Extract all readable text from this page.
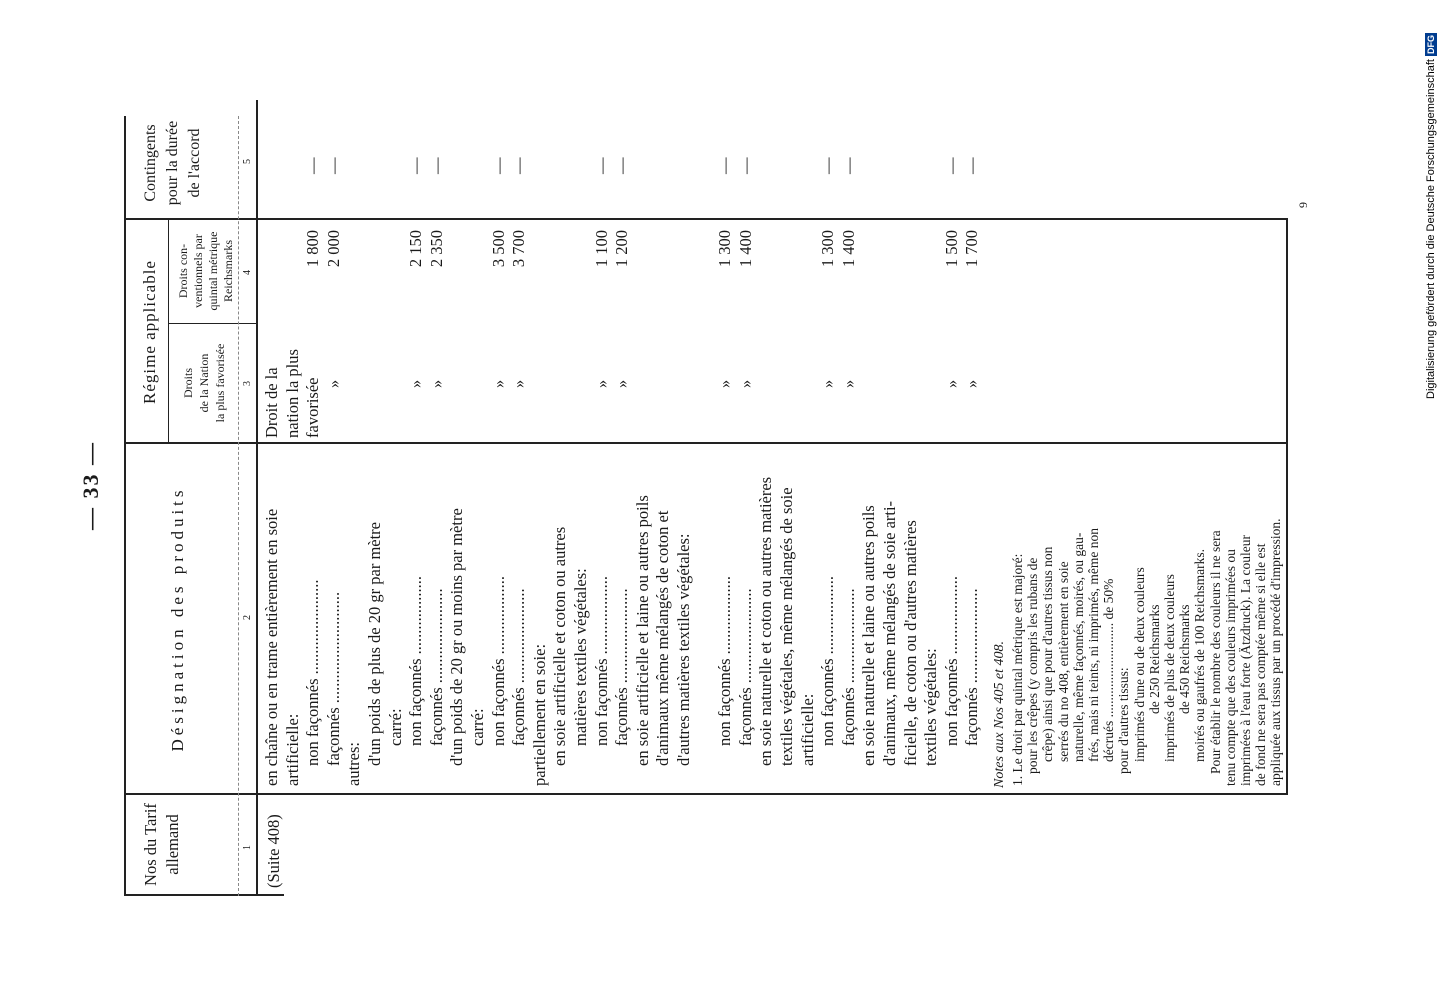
— 33 —
Nos du Tarif allemand
Désignation des produits
Régime applicable Droits de la Nation la plus favorisée
Droits con- ventionnels par quintal métrique Reichsmarks
Contingents pour la durée de l'accord
1
2
3
4
5
(Suite 408)
en chaîne ou en trame entièrement en soie
Droit de la
artificielle:
nation la plus
non façonnés .......................
favorisée
1 800
—
façonnés ...........................
»
2 000
—
autres: d'un poids de plus de 20 gr par mètre carré: non façonnés ...................
»
2 150
—
façonnés .......................
»
2 350
—
d'un poids de 20 gr ou moins par mètre carré: non façonnés ...................
»
3 500
—
façonnés .......................
»
3 700
—
partiellement en soie: en soie artificielle et coton ou autres matières textiles végétales: non façonnés ...................
»
1 100
—
façonnés .......................
»
1 200
—
en soie artificielle et laine ou autres poils d'animaux même mélangés de coton et d'autres matières textiles végétales: non façonnés ...................
»
1 300
—
façonnés .......................
»
1 400
—
en soie naturelle et coton ou autres matières textiles végétales, même mélangés de soie artificielle: non façonnés ...................
»
1 300
—
façonnés .......................
»
1 400
—
en soie naturelle et laine ou autres poils d'animaux, même mélangés de soie arti- ficielle, de coton ou d'autres matières textiles végétales: non façonnés ...................
»
1 500
—
façonnés .......................
»
1 700
—
Notes aux Nos 405 et 408. 1. Le droit par quintal métrique est majoré: pour les crêpes (y compris les rubans de crêpe) ainsi que pour d'autres tissus non serrés du no 408, entièrement en soie naturelle, même façonnés, moirés, ou gau- frés, mais ni teints, ni imprimés, même non décrués ............................ de 50% pour d'autres tissus: imprimés d'une ou de deux couleurs de 250 Reichsmarks imprimés de plus de deux couleurs de 450 Reichsmarks moirés ou gaufrés de 100 Reichsmarks. Pour établir le nombre des couleurs il ne sera tenu compte que des couleurs imprimées ou imprimées à l'eau forte (Ätzdruck). La couleur de fond ne sera pas comptée même si elle est appliquée aux tissus par un procédé d'impression.
9	Digitalisierung gefördert durch die Deutsche ForschungsgemeinschaftDFG
